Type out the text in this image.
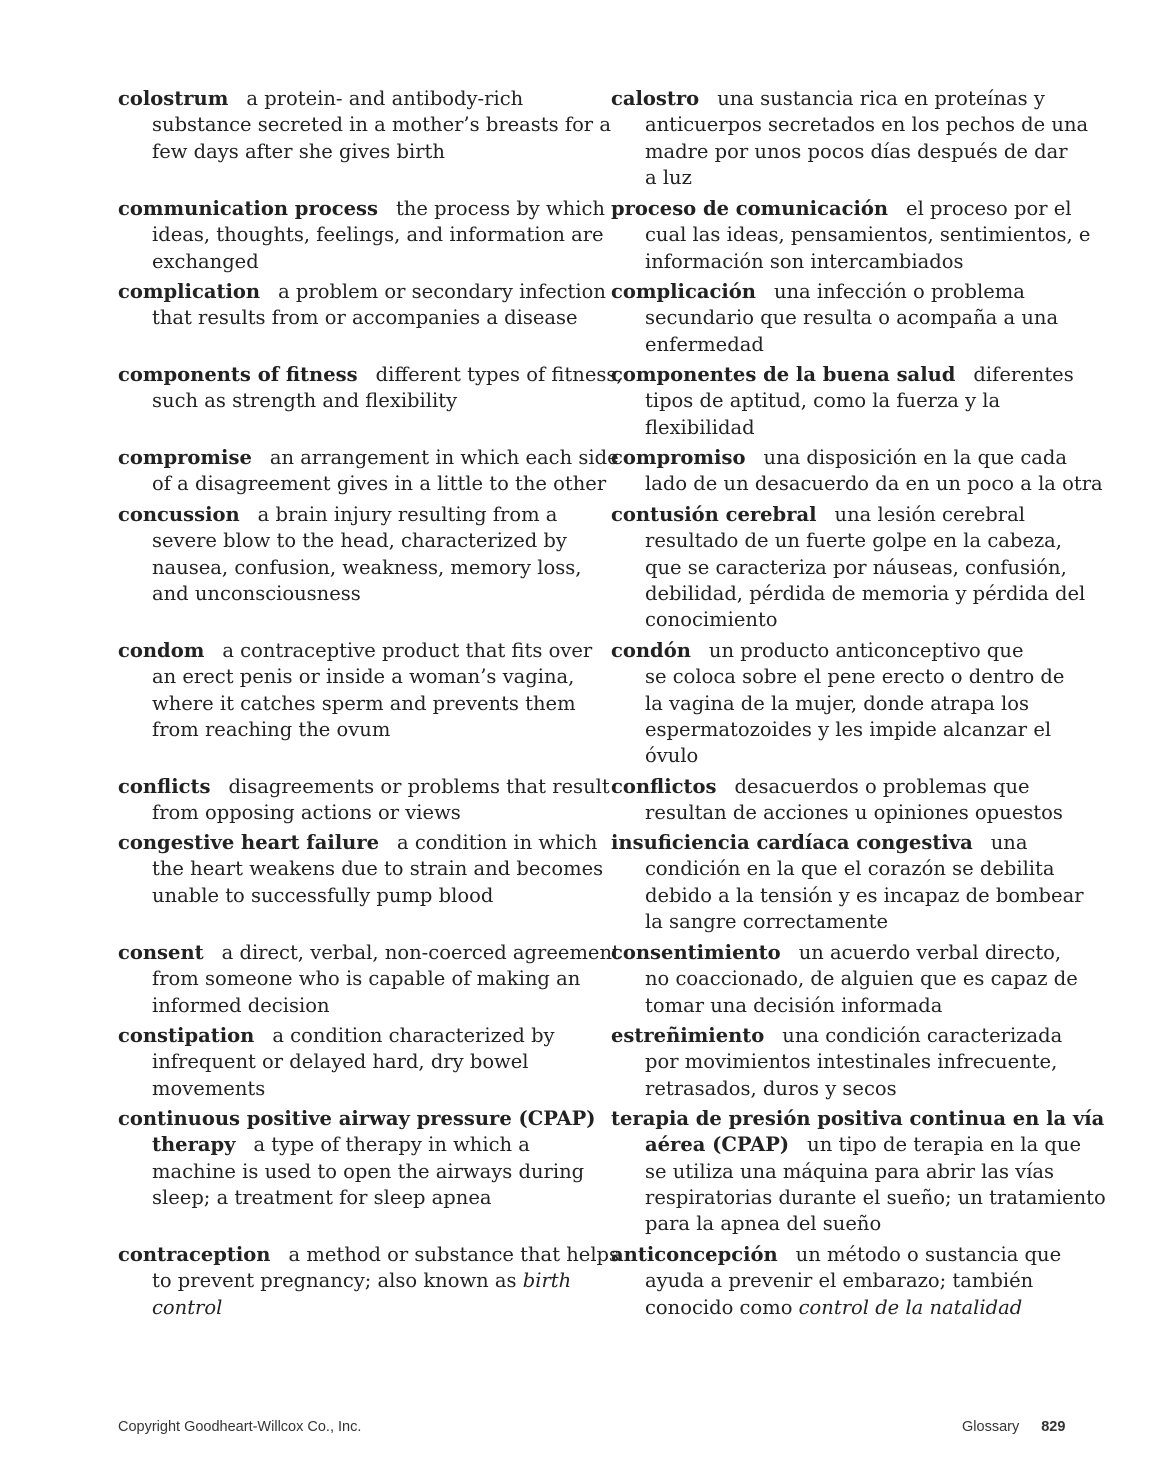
colostrum a protein- and antibody-rich
substance secreted in a mother’s breasts for a
few days after she gives birth
communication process the process by which
ideas, thoughts, feelings, and information are
exchanged
complication a problem or secondary infection
that results from or accompanies a disease
components of fitness different types of fitness,
such as strength and flexibility
compromise an arrangement in which each side
of a disagreement gives in a little to the other
concussion a brain injury resulting from a
severe blow to the head, characterized by
nausea, confusion, weakness, memory loss,
and unconsciousness
condom a contraceptive product that fits over
an erect penis or inside a woman’s vagina,
where it catches sperm and prevents them
from reaching the ovum
conflicts disagreements or problems that result
from opposing actions or views
congestive heart failure a condition in which
the heart weakens due to strain and becomes
unable to successfully pump blood
consent a direct, verbal, non-coerced agreement
from someone who is capable of making an
informed decision
constipation a condition characterized by
infrequent or delayed hard, dry bowel
movements
continuous positive airway pressure (CPAP)
therapy a type of therapy in which a
machine is used to open the airways during
sleep; a treatment for sleep apnea
contraception a method or substance that helps
to prevent pregnancy; also known as birth
control
calostro una sustancia rica en proteínas y
anticuerpos secretados en los pechos de una
madre por unos pocos días después de dar
a luz
proceso de comunicación el proceso por el
cual las ideas, pensamientos, sentimientos, e
información son intercambiados
complicación una infección o problema
secundario que resulta o acompaña a una
enfermedad
componentes de la buena salud diferentes
tipos de aptitud, como la fuerza y la
flexibilidad
compromiso una disposición en la que cada
lado de un desacuerdo da en un poco a la otra
contusión cerebral una lesión cerebral
resultado de un fuerte golpe en la cabeza,
que se caracteriza por náuseas, confusión,
debilidad, pérdida de memoria y pérdida del
conocimiento
condón un producto anticonceptivo que
se coloca sobre el pene erecto o dentro de
la vagina de la mujer, donde atrapa los
espermatozoides y les impide alcanzar el
óvulo
conflictos desacuerdos o problemas que
resultan de acciones u opiniones opuestos
insuficiencia cardíaca congestiva una
condición en la que el corazón se debilita
debido a la tensión y es incapaz de bombear
la sangre correctamente
consentimiento un acuerdo verbal directo,
no coaccionado, de alguien que es capaz de
tomar una decisión informada
estreñimiento una condición caracterizada
por movimientos intestinales infrecuente,
retrasados, duros y secos
terapia de presión positiva continua en la vía
aérea (CPAP) un tipo de terapia en la que
se utiliza una máquina para abrir las vías
respiratorias durante el sueño; un tratamiento
para la apnea del sueño
anticoncepción un método o sustancia que
ayuda a prevenir el embarazo; también
conocido como control de la natalidad
Copyright Goodheart-Willcox Co., Inc.	Glossary 829
